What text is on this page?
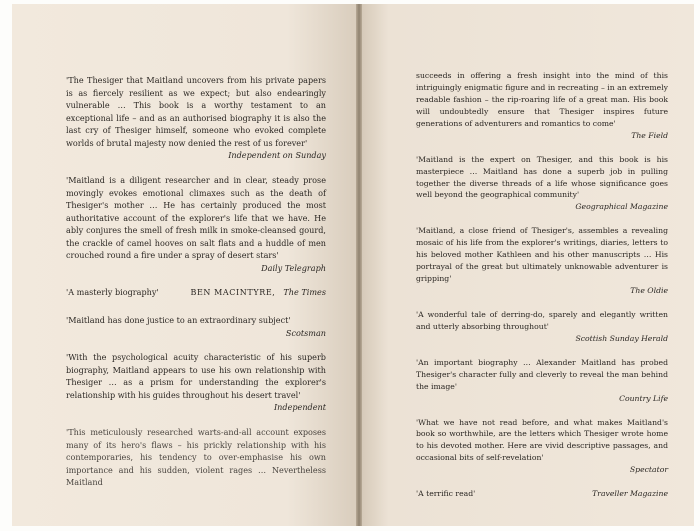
'The Thesiger that Maitland uncovers from his private papers is as fiercely resilient as we expect; but also endearingly vulnerable … This book is a worthy testament to an exceptional life – and as an authorised biography it is also the last cry of Thesiger himself, someone who evoked complete worlds of brutal majesty now denied the rest of us forever'

Independent on Sunday

'Maitland is a diligent researcher and in clear, steady prose movingly evokes emotional climaxes such as the death of Thesiger's mother … He has certainly produced the most authoritative account of the explorer's life that we have. He ably conjures the smell of fresh milk in smoke-cleansed gourd, the crackle of camel hooves on salt flats and a huddle of men crouched round a fire under a spray of desert stars'

Daily Telegraph

'A masterly biography'	BEN MACINTYRE, The Times

'Maitland has done justice to an extraordinary subject'

Scotsman

'With the psychological acuity characteristic of his superb biography, Maitland appears to use his own relationship with Thesiger … as a prism for understanding the explorer's relationship with his guides throughout his desert travel'

Independent

'This meticulously researched warts-and-all account exposes many of its hero's flaws – his prickly relationship with his contemporaries, his tendency to over-emphasise his own importance and his sudden, violent rages … Nevertheless Maitland

succeeds in offering a fresh insight into the mind of this intriguingly enigmatic figure and in recreating – in an extremely readable fashion – the rip-roaring life of a great man. His book will undoubtedly ensure that Thesiger inspires future generations of adventurers and romantics to come'

The Field

'Maitland is the expert on Thesiger, and this book is his masterpiece … Maitland has done a superb job in pulling together the diverse threads of a life whose significance goes well beyond the geographical community'

Geographical Magazine

'Maitland, a close friend of Thesiger's, assembles a revealing mosaic of his life from the explorer's writings, diaries, letters to his beloved mother Kathleen and his other manuscripts … His portrayal of the great but ultimately unknowable adventurer is gripping'

The Oldie

'A wonderful tale of derring-do, sparely and elegantly written and utterly absorbing throughout'

Scottish Sunday Herald

'An important biography … Alexander Maitland has probed Thesiger's character fully and cleverly to reveal the man behind the image'

Country Life

'What we have not read before, and what makes Maitland's book so worthwhile, are the letters which Thesiger wrote home to his devoted mother. Here are vivid descriptive passages, and occasional bits of self-revelation'

Spectator

'A terrific read'	Traveller Magazine
